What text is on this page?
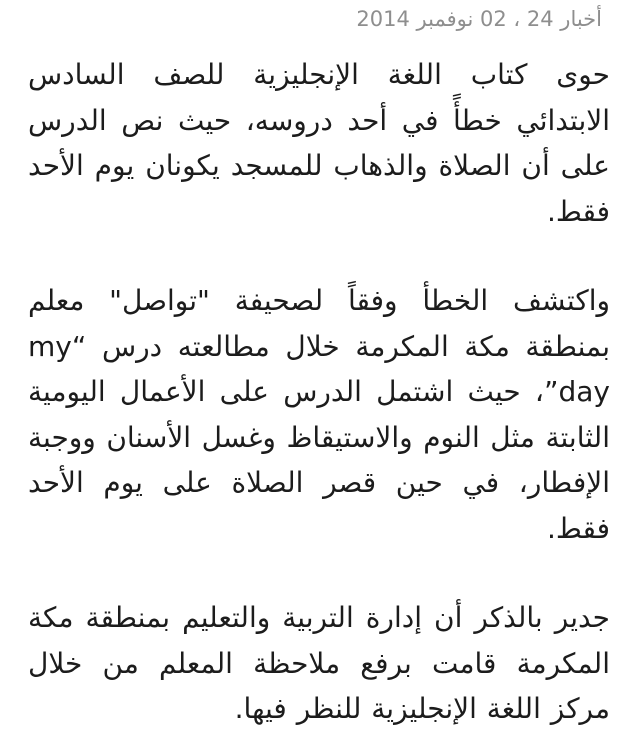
أخبار 24 ، 02 نوفمبر 2014

حوى كتاب اللغة الإنجليزية للصف السادس الابتدائي خطأً في أحد دروسه، حيث نص الدرس على أن الصلاة والذهاب للمسجد يكونان يوم الأحد فقط.

واكتشف الخطأ وفقاً لصحيفة "تواصل" معلم بمنطقة مكة المكرمة خلال مطالعته درس “my day”، حيث اشتمل الدرس على الأعمال اليومية الثابتة مثل النوم والاستيقاظ وغسل الأسنان ووجبة الإفطار، في حين قصر الصلاة على يوم الأحد فقط.

جدير بالذكر أن إدارة التربية والتعليم بمنطقة مكة المكرمة قامت برفع ملاحظة المعلم من خلال مركز اللغة الإنجليزية للنظر فيها.
